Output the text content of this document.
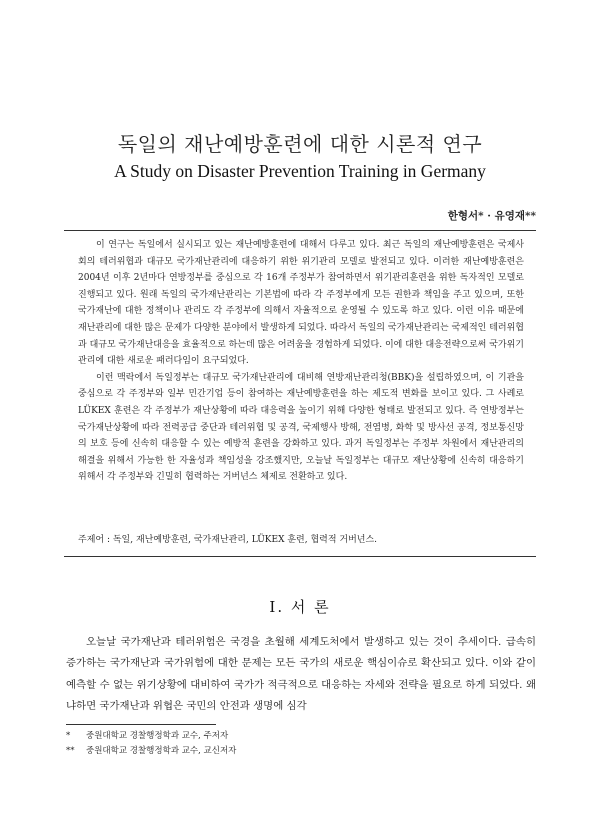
독일의 재난예방훈련에 대한 시론적 연구
A Study on Disaster Prevention Training in Germany
한형서* · 유영재**

이 연구는 독일에서 실시되고 있는 재난예방훈련에 대해서 다루고 있다. 최근 독일의 재난예방훈련은 국제사회의 테러위협과 대규모 국가재난관리에 대응하기 위한 위기관리 모델로 발전되고 있다. 이러한 재난예방훈련은 2004년 이후 2년마다 연방정부를 중심으로 각 16개 주정부가 참여하면서 위기관리훈련을 위한 독자적인 모델로 진행되고 있다. 원래 독일의 국가재난관리는 기본법에 따라 각 주정부에게 모든 권한과 책임을 주고 있으며, 또한 국가재난에 대한 정책이나 관리도 각 주정부에 의해서 자율적으로 운영될 수 있도록 하고 있다. 이런 이유 때문에 재난관리에 대한 많은 문제가 다양한 분야에서 발생하게 되었다. 따라서 독일의 국가재난관리는 국제적인 테러위협과 대규모 국가재난대응을 효율적으로 하는데 많은 어려움을 경험하게 되었다. 이에 대한 대응전략으로써 국가위기관리에 대한 새로운 패러다임이 요구되었다.

이런 맥락에서 독일정부는 대규모 국가재난관리에 대비해 연방재난관리청(BBK)을 설립하였으며, 이 기관을 중심으로 각 주정부와 일부 민간기업 등이 참여하는 재난예방훈련을 하는 제도적 변화를 보이고 있다. 그 사례로 LÜKEX 훈련은 각 주정부가 재난상황에 따라 대응력을 높이기 위해 다양한 형태로 발전되고 있다. 즉 연방정부는 국가재난상황에 따라 전력공급 중단과 테러위협 및 공격, 국제행사 방해, 전염병, 화학 및 방사선 공격, 정보통신망의 보호 등에 신속히 대응할 수 있는 예방적 훈련을 강화하고 있다. 과거 독일정부는 주정부 차원에서 재난관리의 해결을 위해서 가능한 한 자율성과 책임성을 강조했지만, 오늘날 독일정부는 대규모 재난상황에 신속히 대응하기 위해서 각 주정부와 긴밀히 협력하는 거버넌스 체제로 전환하고 있다.

주제어 : 독일, 재난예방훈련, 국가재난관리, LÜKEX 훈련, 협력적 거버넌스.
Ⅰ. 서 론

오늘날 국가재난과 테러위험은 국경을 초월해 세계도처에서 발생하고 있는 것이 추세이다. 급속히 증가하는 국가재난과 국가위험에 대한 문제는 모든 국가의 새로운 핵심이슈로 확산되고 있다. 이와 같이 예측할 수 없는 위기상황에 대비하여 국가가 적극적으로 대응하는 자세와 전략을 필요로 하게 되었다. 왜냐하면 국가재난과 위협은 국민의 안전과 생명에 심각

*	중원대학교 경찰행정학과 교수, 주저자
**	중원대학교 경찰행정학과 교수, 교신저자
